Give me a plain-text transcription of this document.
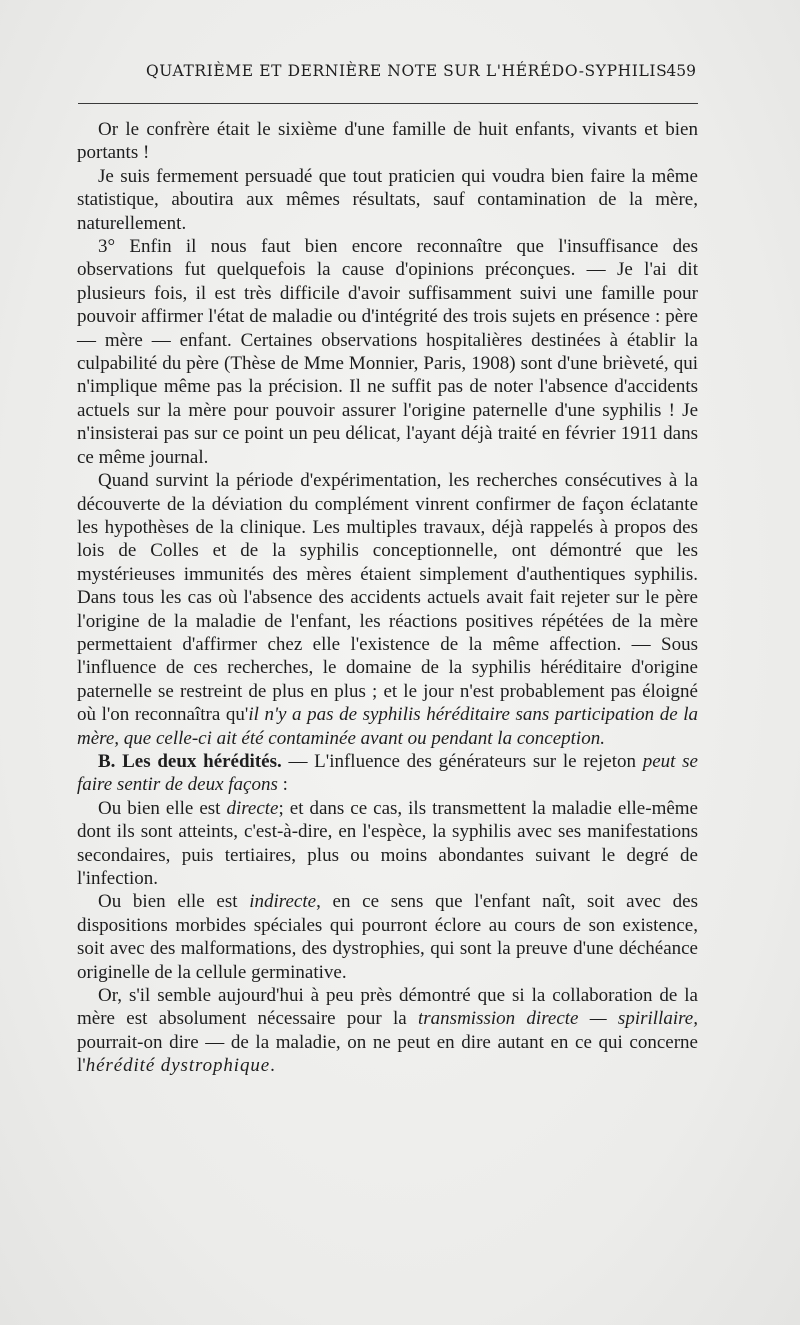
QUATRIÈME ET DERNIÈRE NOTE SUR L'HÉRÉDO-SYPHILIS 459

Or le confrère était le sixième d'une famille de huit enfants, vivants et bien portants !

Je suis fermement persuadé que tout praticien qui voudra bien faire la même statistique, aboutira aux mêmes résultats, sauf contamination de la mère, naturellement.

3° Enfin il nous faut bien encore reconnaître que l'insuffisance des observations fut quelquefois la cause d'opinions préconçues. — Je l'ai dit plusieurs fois, il est très difficile d'avoir suffisamment suivi une famille pour pouvoir affirmer l'état de maladie ou d'intégrité des trois sujets en présence : père — mère — enfant. Certaines observations hospitalières destinées à établir la culpabilité du père (Thèse de Mme Monnier, Paris, 1908) sont d'une brièveté, qui n'implique même pas la précision. Il ne suffit pas de noter l'absence d'accidents actuels sur la mère pour pouvoir assurer l'origine paternelle d'une syphilis ! Je n'insisterai pas sur ce point un peu délicat, l'ayant déjà traité en février 1911 dans ce même journal.

Quand survint la période d'expérimentation, les recherches consécutives à la découverte de la déviation du complément vinrent confirmer de façon éclatante les hypothèses de la clinique. Les multiples travaux, déjà rappelés à propos des lois de Colles et de la syphilis conceptionnelle, ont démontré que les mystérieuses immunités des mères étaient simplement d'authentiques syphilis. Dans tous les cas où l'absence des accidents actuels avait fait rejeter sur le père l'origine de la maladie de l'enfant, les réactions positives répétées de la mère permettaient d'affirmer chez elle l'existence de la même affection. — Sous l'influence de ces recherches, le domaine de la syphilis héréditaire d'origine paternelle se restreint de plus en plus ; et le jour n'est probablement pas éloigné où l'on reconnaîtra qu'il n'y a pas de syphilis héréditaire sans participation de la mère, que celle-ci ait été contaminée avant ou pendant la conception.

B. Les deux hérédités. — L'influence des générateurs sur le rejeton peut se faire sentir de deux façons :

Ou bien elle est directe; et dans ce cas, ils transmettent la maladie elle-même dont ils sont atteints, c'est-à-dire, en l'espèce, la syphilis avec ses manifestations secondaires, puis tertiaires, plus ou moins abondantes suivant le degré de l'infection.

Ou bien elle est indirecte, en ce sens que l'enfant naît, soit avec des dispositions morbides spéciales qui pourront éclore au cours de son existence, soit avec des malformations, des dystrophies, qui sont la preuve d'une déchéance originelle de la cellule germinative.

Or, s'il semble aujourd'hui à peu près démontré que si la collaboration de la mère est absolument nécessaire pour la transmission directe — spirillaire, pourrait-on dire — de la maladie, on ne peut en dire autant en ce qui concerne l'hérédité dystrophique.
